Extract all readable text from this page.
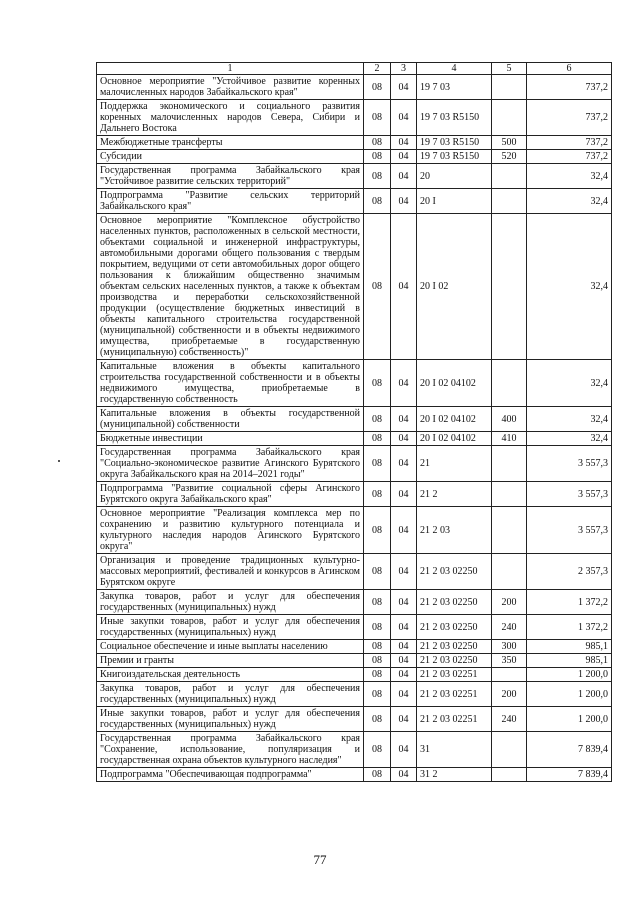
1	2	3	4	5	6
Основное мероприятие "Устойчивое развитие коренных малочисленных народов Забайкальского края"	08	04	19 7 03		737,2
Поддержка экономического и социального развития коренных малочисленных народов Севера, Сибири и Дальнего Востока	08	04	19 7 03 R5150		737,2
Межбюджетные трансферты	08	04	19 7 03 R5150	500	737,2
Субсидии	08	04	19 7 03 R5150	520	737,2
Государственная программа Забайкальского края "Устойчивое развитие сельских территорий"	08	04	20		32,4
Подпрограмма "Развитие сельских территорий Забайкальского края"	08	04	20 I		32,4
Основное мероприятие "Комплексное обустройство населенных пунктов, расположенных в сельской местности, объектами социальной и инженерной инфраструктуры, автомобильными дорогами общего пользования с твердым покрытием, ведущими от сети автомобильных дорог общего пользования к ближайшим общественно значимым объектам сельских населенных пунктов, а также к объектам производства и переработки сельскохозяйственной продукции (осуществление бюджетных инвестиций в объекты капитального строительства государственной (муниципальной) собственности и в объекты недвижимого имущества, приобретаемые в государственную (муниципальную) собственность)"	08	04	20 I 02		32,4
Капитальные вложения в объекты капитального строительства государственной собственности и в объекты недвижимого имущества, приобретаемые в государственную собственность	08	04	20 I 02 04102		32,4
Капитальные вложения в объекты государственной (муниципальной) собственности	08	04	20 I 02 04102	400	32,4
Бюджетные инвестиции	08	04	20 I 02 04102	410	32,4
Государственная программа Забайкальского края "Социально-экономическое развитие Агинского Бурятского округа Забайкальского края на 2014–2021 годы"	08	04	21		3 557,3
Подпрограмма "Развитие социальной сферы Агинского Бурятского округа Забайкальского края"	08	04	21 2		3 557,3
Основное мероприятие "Реализация комплекса мер по сохранению и развитию культурного потенциала и культурного наследия народов Агинского Бурятского округа"	08	04	21 2 03		3 557,3
Организация и проведение традиционных культурно-массовых мероприятий, фестивалей и конкурсов в Агинском Бурятском округе	08	04	21 2 03 02250		2 357,3
Закупка товаров, работ и услуг для обеспечения государственных (муниципальных) нужд	08	04	21 2 03 02250	200	1 372,2
Иные закупки товаров, работ и услуг для обеспечения государственных (муниципальных) нужд	08	04	21 2 03 02250	240	1 372,2
Социальное обеспечение и иные выплаты населению	08	04	21 2 03 02250	300	985,1
Премии и гранты	08	04	21 2 03 02250	350	985,1
Книгоиздательская деятельность	08	04	21 2 03 02251		1 200,0
Закупка товаров, работ и услуг для обеспечения государственных (муниципальных) нужд	08	04	21 2 03 02251	200	1 200,0
Иные закупки товаров, работ и услуг для обеспечения государственных (муниципальных) нужд	08	04	21 2 03 02251	240	1 200,0
Государственная программа Забайкальского края "Сохранение, использование, популяризация и государственная охрана объектов культурного наследия"	08	04	31		7 839,4
Подпрограмма "Обеспечивающая подпрограмма"	08	04	31 2		7 839,4
77
